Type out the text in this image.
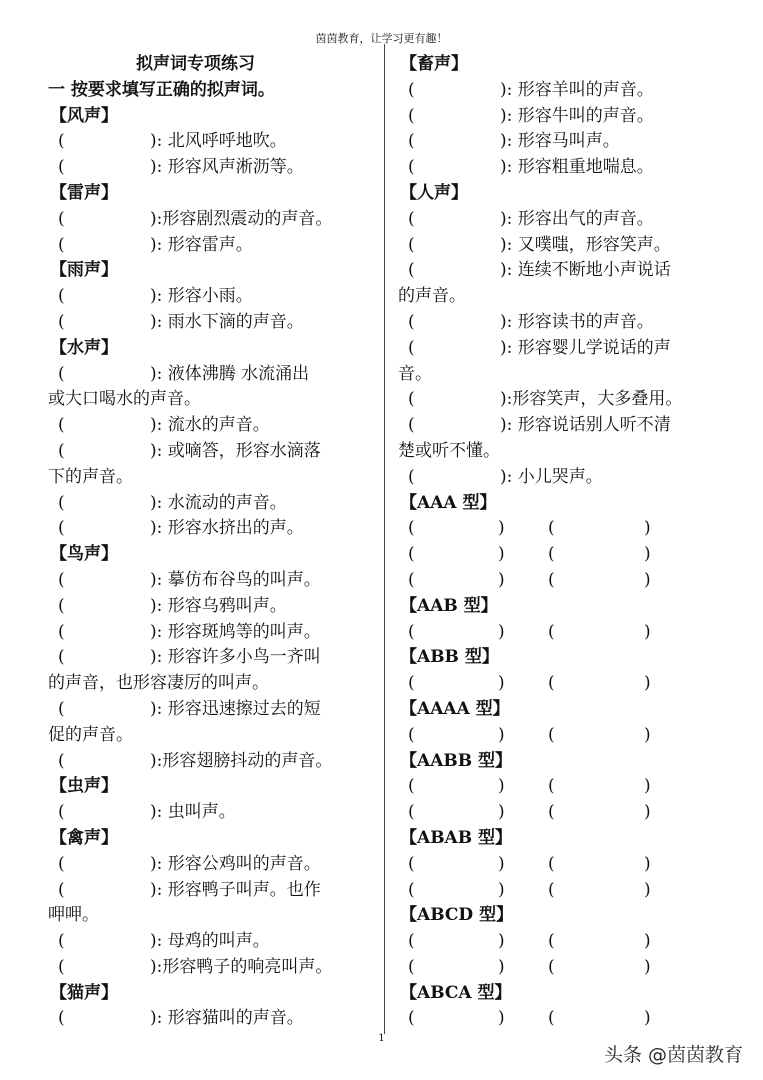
茵茵教育，让学习更有趣！
拟声词专项练习
一 按要求填写正确的拟声词。
【风声】
(	): 北风呼呼地吹。
(	): 形容风声淅沥等。
【雷声】
(	):形容剧烈震动的声音。
(	): 形容雷声。
【雨声】
(	): 形容小雨。
(	): 雨水下滴的声音。
【水声】
(	): 液体沸腾 水流涌出
或大口喝水的声音。
(	): 流水的声音。
(	): 或嘀答，形容水滴落
下的声音。
(	): 水流动的声音。
(	): 形容水挤出的声。
【鸟声】
(	): 摹仿布谷鸟的叫声。
(	): 形容乌鸦叫声。
(	): 形容斑鸠等的叫声。
(	): 形容许多小鸟一齐叫
的声音，也形容凄厉的叫声。
(	): 形容迅速擦过去的短
促的声音。
(	):形容翅膀抖动的声音。
【虫声】
(	): 虫叫声。
【禽声】
(	): 形容公鸡叫的声音。
(	): 形容鸭子叫声。也作
呷呷。
(	): 母鸡的叫声。
(	):形容鸭子的响亮叫声。
【猫声】
(	): 形容猫叫的声音。
【畜声】
(	): 形容羊叫的声音。
(	): 形容牛叫的声音。
(	): 形容马叫声。
(	): 形容粗重地喘息。
【人声】
(	): 形容出气的声音。
(	): 又噗嗤，形容笑声。
(	): 连续不断地小声说话
的声音。
(	): 形容读书的声音。
(	): 形容婴儿学说话的声
音。
(	):形容笑声，大多叠用。
(	): 形容说话别人听不清
楚或听不懂。
(	): 小儿哭声。
【AAA 型】
(	)	(	)
(	)	(	)
(	)	(	)
【AAB 型】
(	)	(	)
【ABB 型】
(	)	(	)
【AAAA 型】
(	)	(	)
【AABB 型】
(	)	(	)
(	)	(	)
【ABAB 型】
(	)	(	)
(	)	(	)
【ABCD 型】
(	)	(	)
(	)	(	)
【ABCA 型】
(	)	(	)
1
头条 @茵茵教育
